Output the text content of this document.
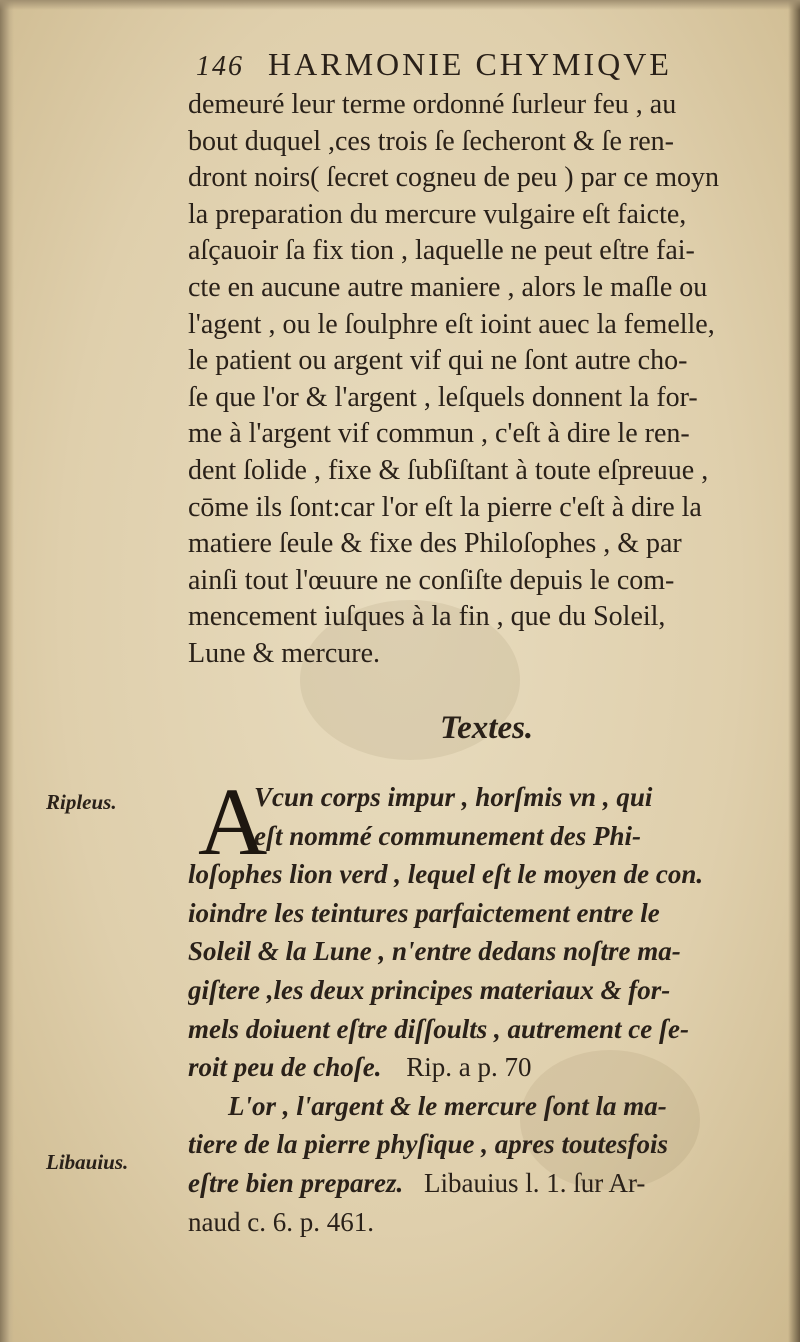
146 HARMONIE CHYMIQVE
demeuré leur terme ordonné ſurleur feu , au
bout duquel ,ces trois ſe ſecheront & ſe ren-
dront noirs( ſecret cogneu de peu ) par ce moyn
la preparation du mercure vulgaire eſt faicte,
aſçauoir ſa fix tion , laquelle ne peut eſtre fai-
cte en aucune autre maniere , alors le maſle ou
l'agent , ou le ſoulphre eſt ioint auec la femelle,
le patient ou argent vif qui ne ſont autre cho-
ſe que l'or & l'argent , leſquels donnent la for-
me à l'argent vif commun , c'eſt à dire le ren-
dent ſolide , fixe & ſubſiſtant à toute eſpreuue ,
cōme ils ſont:car l'or eſt la pierre c'eſt à dire la
matiere ſeule & fixe des Philoſophes , & par
ainſi tout l'œuure ne conſiſte depuis le com-
mencement iuſques à la fin , que du Soleil,
Lune & mercure.
Textes.
Ripleus.
Libauius.
A
Vcun corps impur , horſmis vn , qui
eſt nommé communement des Phi-
loſophes lion verd , lequel eſt le moyen de con.
ioindre les teintures parfaictement entre le
Soleil & la Lune , n'entre dedans noſtre ma-
giſtere ,les deux principes materiaux & for-
mels doiuent eſtre diſſoults , autrement ce ſe-
roit peu de choſe. Rip. a p. 70
L'or , l'argent & le mercure ſont la ma-
tiere de la pierre phyſique , apres toutesfois
eſtre bien preparez. Libauius l. 1. ſur Ar-
naud c. 6. p. 461.
